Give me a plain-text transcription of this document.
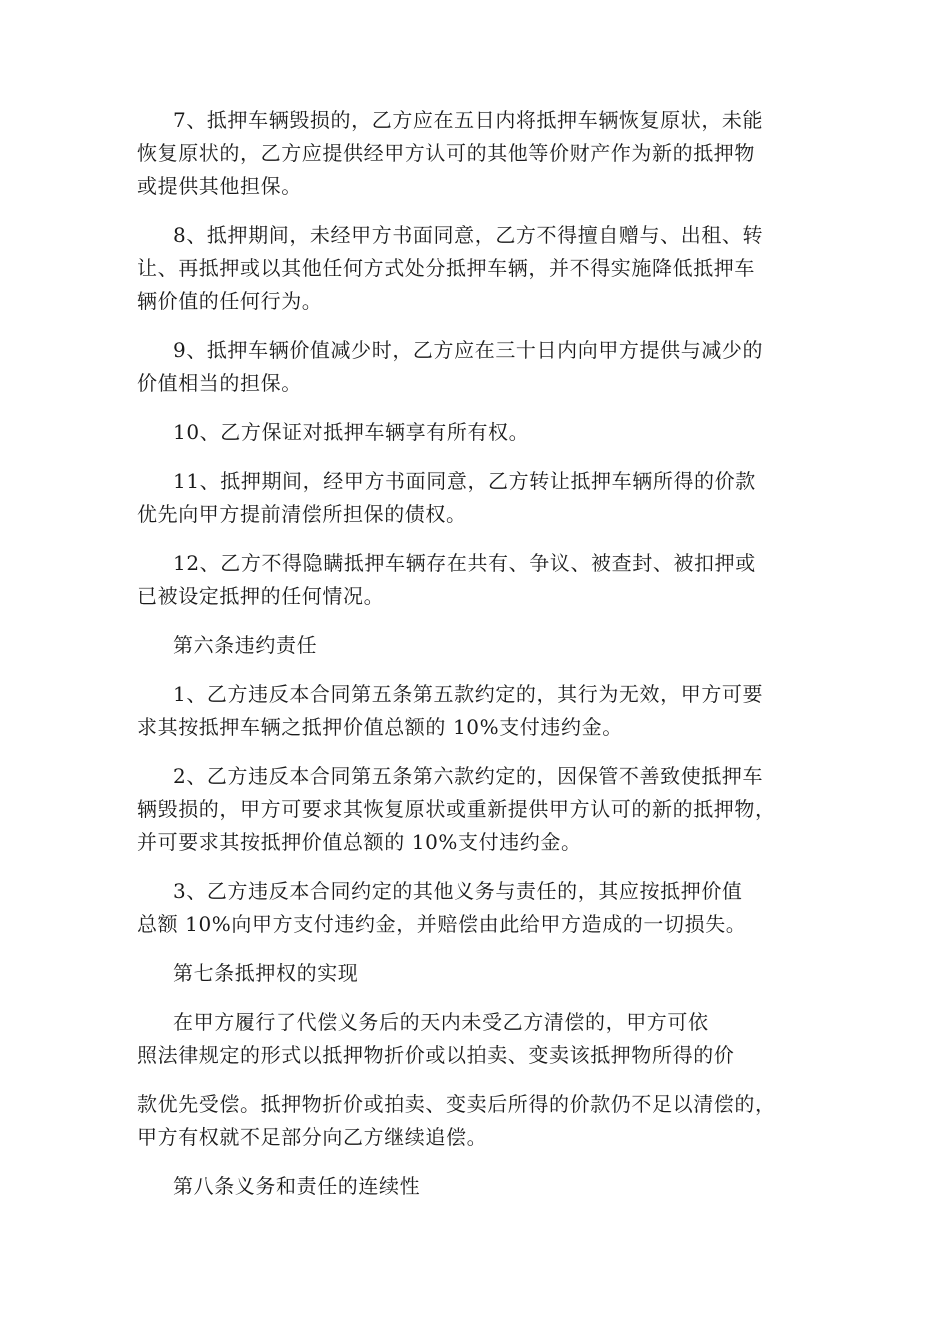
7、抵押车辆毁损的，乙方应在五日内将抵押车辆恢复原状，未能
恢复原状的，乙方应提供经甲方认可的其他等价财产作为新的抵押物
或提供其他担保。
8、抵押期间，未经甲方书面同意，乙方不得擅自赠与、出租、转
让、再抵押或以其他任何方式处分抵押车辆，并不得实施降低抵押车
辆价值的任何行为。
9、抵押车辆价值减少时，乙方应在三十日内向甲方提供与减少的
价值相当的担保。
10、乙方保证对抵押车辆享有所有权。
11、抵押期间，经甲方书面同意，乙方转让抵押车辆所得的价款
优先向甲方提前清偿所担保的债权。
12、乙方不得隐瞒抵押车辆存在共有、争议、被查封、被扣押或
已被设定抵押的任何情况。
第六条违约责任
1、乙方违反本合同第五条第五款约定的，其行为无效，甲方可要
求其按抵押车辆之抵押价值总额的 10%支付违约金。
2、乙方违反本合同第五条第六款约定的，因保管不善致使抵押车
辆毁损的，甲方可要求其恢复原状或重新提供甲方认可的新的抵押物，
并可要求其按抵押价值总额的 10%支付违约金。
3、乙方违反本合同约定的其他义务与责任的，其应按抵押价值
总额 10%向甲方支付违约金，并赔偿由此给甲方造成的一切损失。
第七条抵押权的实现
在甲方履行了代偿义务后的天内未受乙方清偿的，甲方可依
照法律规定的形式以抵押物折价或以拍卖、变卖该抵押物所得的价
款优先受偿。抵押物折价或拍卖、变卖后所得的价款仍不足以清偿的，
甲方有权就不足部分向乙方继续追偿。
第八条义务和责任的连续性
